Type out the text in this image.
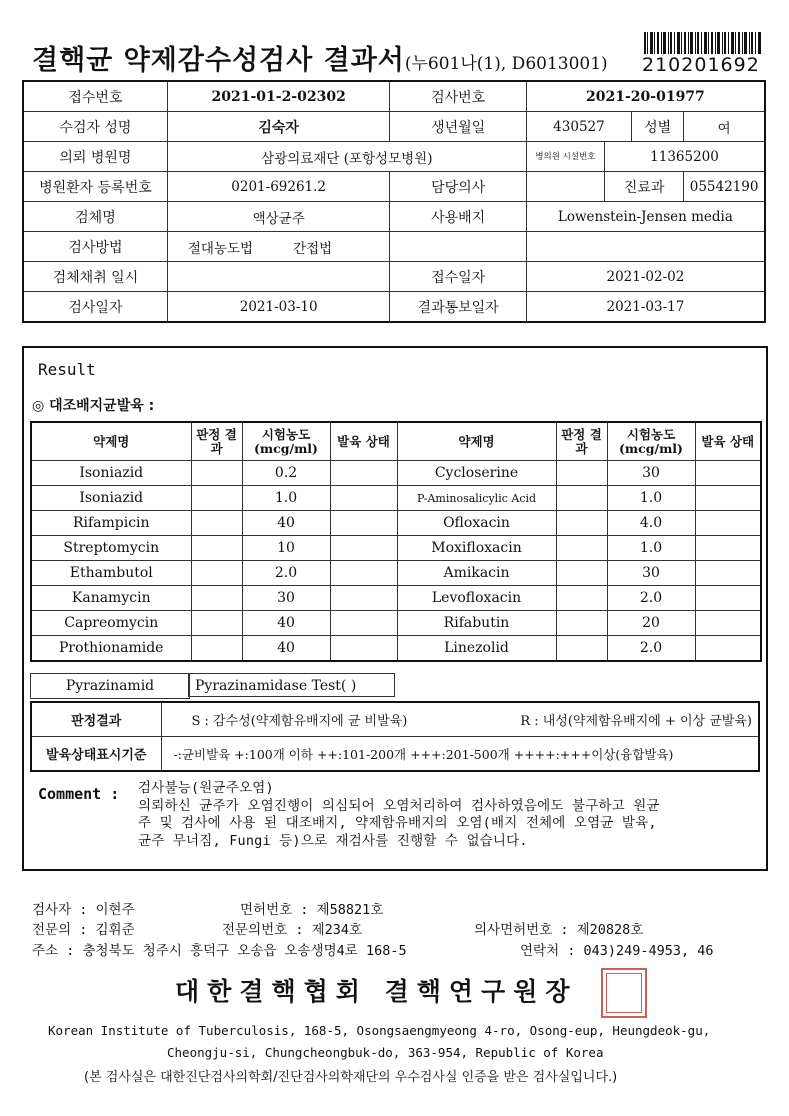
결핵균 약제감수성검사 결과서(누601나(1), D6013001) 210201692
접수번호	2021-01-2-02302	검사번호	2021-20-01977			
수검자 성명	김숙자	생년월일	430527		성별	여
의뢰 병원명	삼광의료재단 (포항성모병원)		병의원 시설번호	11365200		
병원환자 등록번호	0201-69261.2	담당의사		진료과		05542190
검체명	액상균주	사용배지	Lowenstein-Jensen media			
검사방법	절대농도법 간접법					
검체채취 일시		접수일자	2021-02-02			
검사일자	2021-03-10	결과통보일자	2021-03-17			
Result
◎ 대조배지균발육 :
약제명	판정 결과	시험농도 (mcg/ml)	발육 상태	약제명	판정 결과	시험농도 (mcg/ml)	발육 상태
Isoniazid		0.2		Cycloserine		30	
Isoniazid		1.0		P-Aminosalicylic Acid		1.0	
Rifampicin		40		Ofloxacin		4.0	
Streptomycin		10		Moxifloxacin		1.0	
Ethambutol		2.0		Amikacin		30	
Kanamycin		30		Levofloxacin		2.0	
Capreomycin		40		Rifabutin		20	
Prothionamide		40		Linezolid		2.0	
Pyrazinamid	Pyrazinamidase Test( )
판정결과	S : 감수성(약제함유배지에 균 비발육)	R : 내성(약제함유배지에 + 이상 균발육)
발육상태표시기준	-:균비발육 +:100개 이하 ++:101-200개 +++:201-500개 ++++:+++이상(융합발육)	
Comment : 검사불능(원균주오염)
의뢰하신 균주가 오염진행이 의심되어 오염처리하여 검사하였음에도 불구하고 원균
주 및 검사에 사용 된 대조배지, 약제함유배지의 오염(배지 전체에 오염균 발육,
균주 무너짐, Fungi 등)으로 재검사를 진행할 수 없습니다.
검사자 : 이현주	면허번호 : 제58821호
전문의 : 김휘준	전문의번호 : 제234호	의사면허번호 : 제20828호
주소 : 충청북도 청주시 흥덕구 오송읍 오송생명4로 168-5	연락처 : 043)249-4953, 46
대한결핵협회 결핵연구원장
Korean Institute of Tuberculosis, 168-5, Osongsaengmyeong 4-ro, Osong-eup, Heungdeok-gu,
Cheongju-si, Chungcheongbuk-do, 363-954, Republic of Korea
(본 검사실은 대한진단검사의학회/진단검사의학재단의 우수검사실 인증을 받은 검사실입니다.)
